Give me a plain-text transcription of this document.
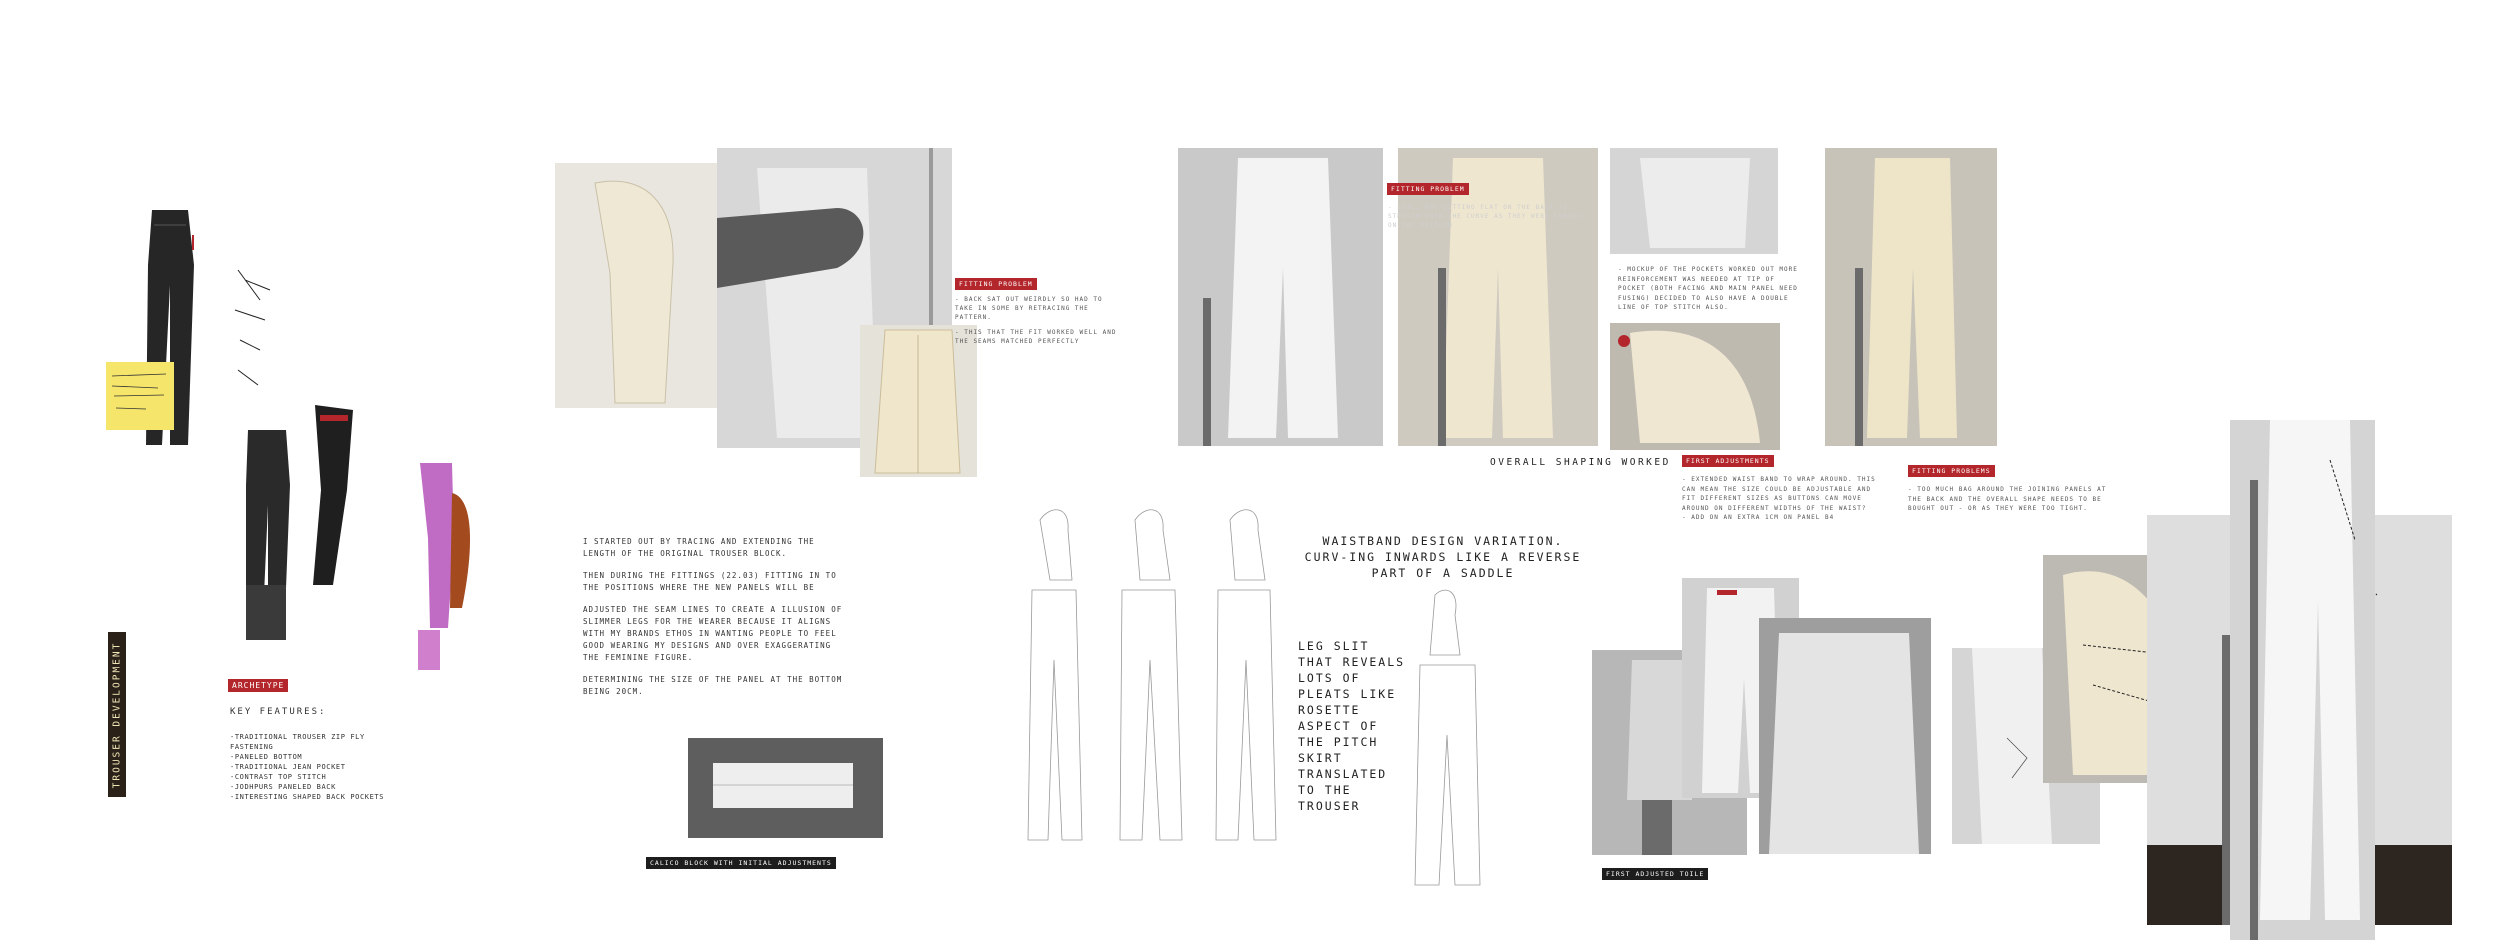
TROUSER DEVELOPMENT	ARCHETYPE
KEY FEATURES:
-TRADITIONAL TROUSER ZIP FLY FASTENING
-PANELED BOTTOM
-TRADITIONAL JEAN POCKET
-CONTRAST TOP STITCH
-JODHPURS PANELED BACK
-INTERESTING SHAPED BACK POCKETS
FITTING PROBLEM
- BACK SAT OUT WEIRDLY SO HAD TO TAKE IN SOME BY RETRACING THE PATTERN.
- THIS THAT THE FIT WORKED WELL AND THE SEAMS MATCHED PERFECTLY

I STARTED OUT BY TRACING AND EXTENDING THE LENGTH OF THE ORIGINAL TROUSER BLOCK.

THEN DURING THE FITTINGS (22.03) FITTING IN TO THE POSITIONS WHERE THE NEW PANELS WILL BE

ADJUSTED THE SEAM LINES TO CREATE A ILLUSION OF SLIMMER LEGS FOR THE WEARER BECAUSE IT ALIGNS WITH MY BRANDS ETHOS IN WANTING PEOPLE TO FEEL GOOD WEARING MY DESIGNS AND OVER EXAGGERATING THE FEMININE FIGURE.

DETERMINING THE SIZE OF THE PANEL AT THE BOTTOM BEING 20CM.

CALICO BLOCK WITH INITIAL ADJUSTMENTS
WAISTBAND DESIGN VARIATION. CURV-ING INWARDS LIKE A REVERSE PART OF A SADDLE
LEG SLIT THAT REVEALS LOTS OF PLEATS LIKE ROSETTE ASPECT OF THE PITCH SKIRT TRANSLATED TO THE TROUSER
FITTING PROBLEM
- STILL NOT SITTING FLAT ON THE BACK SO STRAIGHTENED THE CURVE AS THEY WERE CURVED ON THE PATTERN
- MOCKUP OF THE POCKETS WORKED OUT MORE REINFORCEMENT WAS NEEDED AT TIP OF POCKET (BOTH FACING AND MAIN PANEL NEED FUSING) DECIDED TO ALSO HAVE A DOUBLE LINE OF TOP STITCH ALSO.
OVERALL SHAPING WORKED	FIRST ADJUSTMENTS
- EXTENDED WAIST BAND TO WRAP AROUND. THIS CAN MEAN THE SIZE COULD BE ADJUSTABLE AND FIT DIFFERENT SIZES AS BUTTONS CAN MOVE AROUND ON DIFFERENT WIDTHS OF THE WAIST?
- ADD ON AN EXTRA 1CM ON PANEL B4
FITTING PROBLEMS
- TOO MUCH BAG AROUND THE JOINING PANELS AT THE BACK AND THE OVERALL SHAPE NEEDS TO BE BOUGHT OUT - OR AS THEY WERE TOO TIGHT.
FIRST ADJUSTED TOILE
